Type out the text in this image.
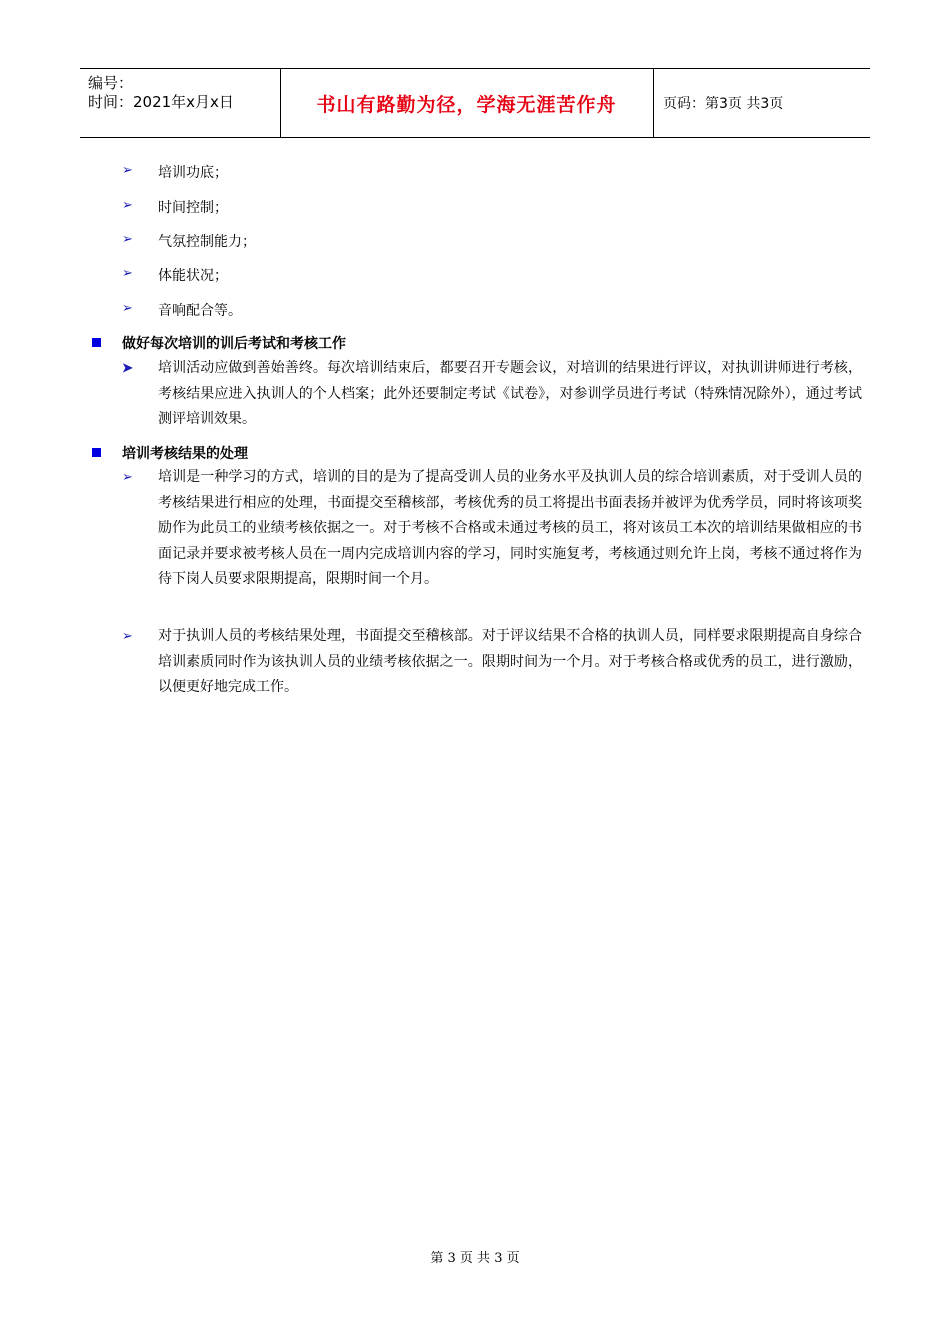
编号：
时间：2021年x月x日	书山有路勤为径，学海无涯苦作舟	页码：第3页 共3页
➢ 培训功底；
➢ 时间控制；
➢ 气氛控制能力；
➢ 体能状况；
➢ 音响配合等。
做好每次培训的训后考试和考核工作
➤	培训活动应做到善始善终。每次培训结束后，都要召开专题会议，对培训的结果进行评议，对执训讲师进行考核，考核结果应进入执训人的个人档案；此外还要制定考试《试卷》，对参训学员进行考试（特殊情况除外），通过考试测评培训效果。
培训考核结果的处理
➢	培训是一种学习的方式，培训的目的是为了提高受训人员的业务水平及执训人员的综合培训素质，对于受训人员的考核结果进行相应的处理，书面提交至稽核部，考核优秀的员工将提出书面表扬并被评为优秀学员，同时将该项奖励作为此员工的业绩考核依据之一。对于考核不合格或未通过考核的员工，将对该员工本次的培训结果做相应的书面记录并要求被考核人员在一周内完成培训内容的学习，同时实施复考，考核通过则允许上岗，考核不通过将作为待下岗人员要求限期提高，限期时间一个月。
➢	对于执训人员的考核结果处理，书面提交至稽核部。对于评议结果不合格的执训人员，同样要求限期提高自身综合培训素质同时作为该执训人员的业绩考核依据之一。限期时间为一个月。对于考核合格或优秀的员工，进行激励，以便更好地完成工作。
第 3 页 共 3 页
